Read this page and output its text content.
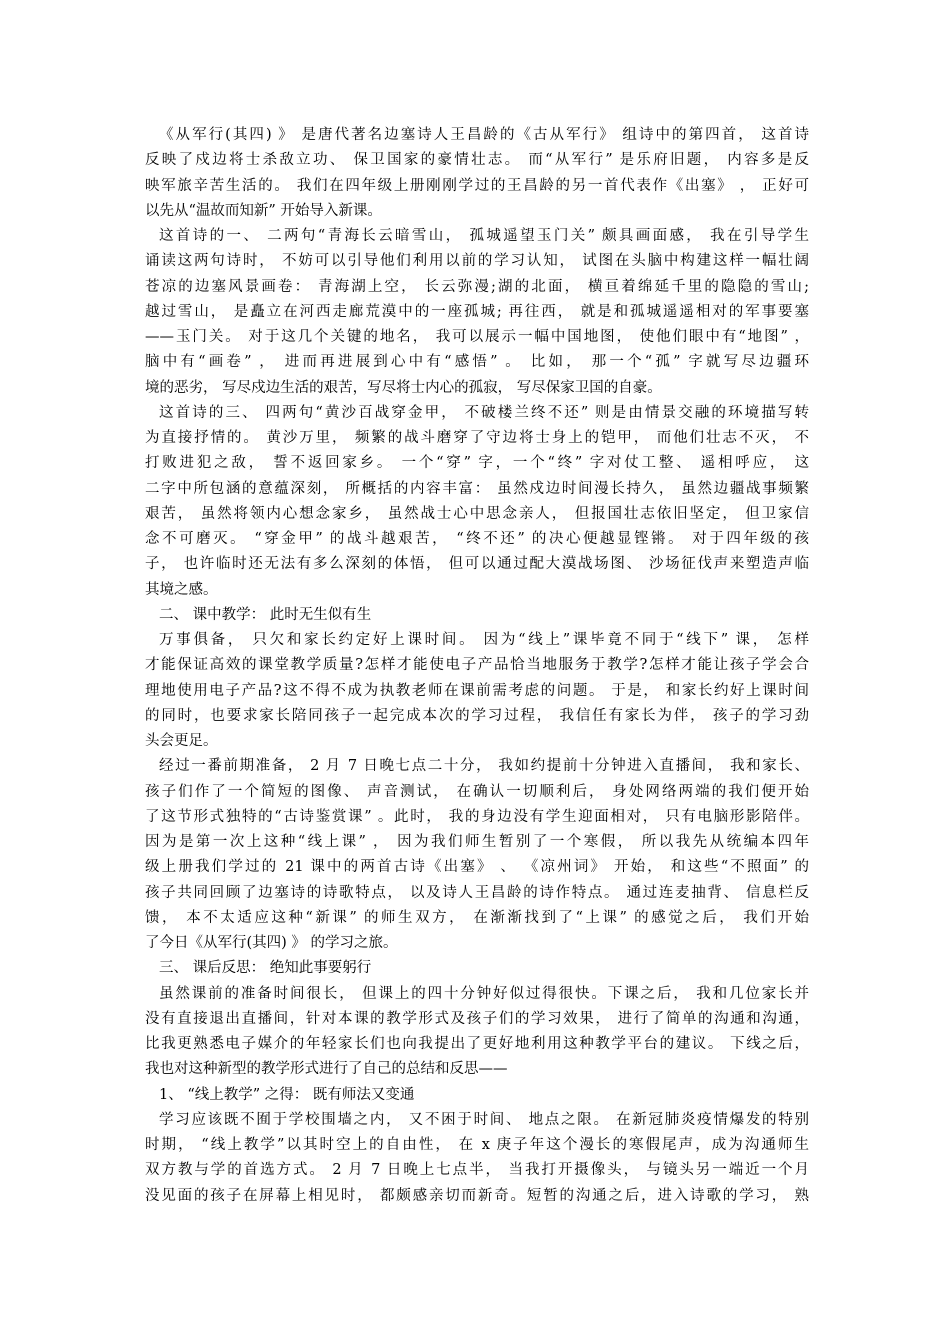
《从军行(其四) 》 是唐代著名边塞诗人王昌龄的《古从军行》 组诗中的第四首， 这首诗
反映了戍边将士杀敌立功、 保卫国家的豪情壮志。 而“从军行” 是乐府旧题， 内容多是反
映军旅辛苦生活的。 我们在四年级上册刚刚学过的王昌龄的另一首代表作《出塞》 ， 正好可
以先从“温故而知新” 开始导入新课。
这首诗的一、 二两句“青海长云暗雪山， 孤城遥望玉门关” 颇具画面感， 我在引导学生
诵读这两句诗时， 不妨可以引导他们利用以前的学习认知， 试图在头脑中构建这样一幅壮阔
苍凉的边塞风景画卷： 青海湖上空， 长云弥漫;湖的北面， 横亘着绵延千里的隐隐的雪山;
越过雪山， 是矗立在河西走廊荒漠中的一座孤城; 再往西， 就是和孤城遥遥相对的军事要塞
——玉门关。 对于这几个关键的地名， 我可以展示一幅中国地图， 使他们眼中有“地图” ，
脑中有“画卷” ， 进而再进展到心中有“感悟” 。 比如， 那一个“孤” 字就写尽边疆环
境的恶劣， 写尽戍边生活的艰苦，写尽将士内心的孤寂， 写尽保家卫国的自豪。
这首诗的三、 四两句“黄沙百战穿金甲， 不破楼兰终不还” 则是由情景交融的环境描写转
为直接抒情的。 黄沙万里， 频繁的战斗磨穿了守边将士身上的铠甲， 而他们壮志不灭， 不
打败进犯之敌， 誓不返回家乡。 一个“穿” 字，一个“终” 字对仗工整、 遥相呼应， 这
二字中所包涵的意蕴深刻， 所概括的内容丰富： 虽然戍边时间漫长持久， 虽然边疆战事频繁
艰苦， 虽然将领内心想念家乡， 虽然战士心中思念亲人， 但报国壮志依旧坚定， 但卫家信
念不可磨灭。 “穿金甲” 的战斗越艰苦， “终不还” 的决心便越显铿锵。 对于四年级的孩
子， 也许临时还无法有多么深刻的体悟， 但可以通过配大漠战场图、 沙场征伐声来塑造声临
其境之感。
二、 课中教学： 此时无生似有生
万事俱备， 只欠和家长约定好上课时间。 因为“线上”课毕竟不同于“线下” 课， 怎样
才能保证高效的课堂教学质量?怎样才能使电子产品恰当地服务于教学?怎样才能让孩子学会合
理地使用电子产品?这不得不成为执教老师在课前需考虑的问题。 于是， 和家长约好上课时间
的同时，也要求家长陪同孩子一起完成本次的学习过程， 我信任有家长为伴， 孩子的学习劲
头会更足。
经过一番前期准备， 2 月 7 日晚七点二十分， 我如约提前十分钟进入直播间， 我和家长、
孩子们作了一个简短的图像、 声音测试， 在确认一切顺利后， 身处网络两端的我们便开始
了这节形式独特的“古诗鉴赏课” 。此时， 我的身边没有学生迎面相对， 只有电脑形影陪伴。
因为是第一次上这种“线上课” ， 因为我们师生暂别了一个寒假， 所以我先从统编本四年
级上册我们学过的 21 课中的两首古诗《出塞》 、 《凉州词》 开始， 和这些“不照面” 的
孩子共同回顾了边塞诗的诗歌特点， 以及诗人王昌龄的诗作特点。 通过连麦抽背、 信息栏反
馈， 本不太适应这种“新课” 的师生双方， 在渐渐找到了“上课” 的感觉之后， 我们开始
了今日《从军行(其四) 》 的学习之旅。
三、 课后反思： 绝知此事要躬行
虽然课前的准备时间很长， 但课上的四十分钟好似过得很快。下课之后， 我和几位家长并
没有直接退出直播间，针对本课的教学形式及孩子们的学习效果， 进行了简单的沟通和沟通，
比我更熟悉电子媒介的年轻家长们也向我提出了更好地利用这种教学平台的建议。 下线之后，
我也对这种新型的教学形式进行了自己的总结和反思——
1、 “线上教学” 之得： 既有师法又变通
学习应该既不囿于学校围墙之内， 又不困于时间、 地点之限。 在新冠肺炎疫情爆发的特别
时期， “线上教学”以其时空上的自由性， 在 x 庚子年这个漫长的寒假尾声，成为沟通师生
双方教与学的首选方式。 2 月 7 日晚上七点半， 当我打开摄像头， 与镜头另一端近一个月
没见面的孩子在屏幕上相见时， 都颇感亲切而新奇。短暂的沟通之后，进入诗歌的学习， 熟
